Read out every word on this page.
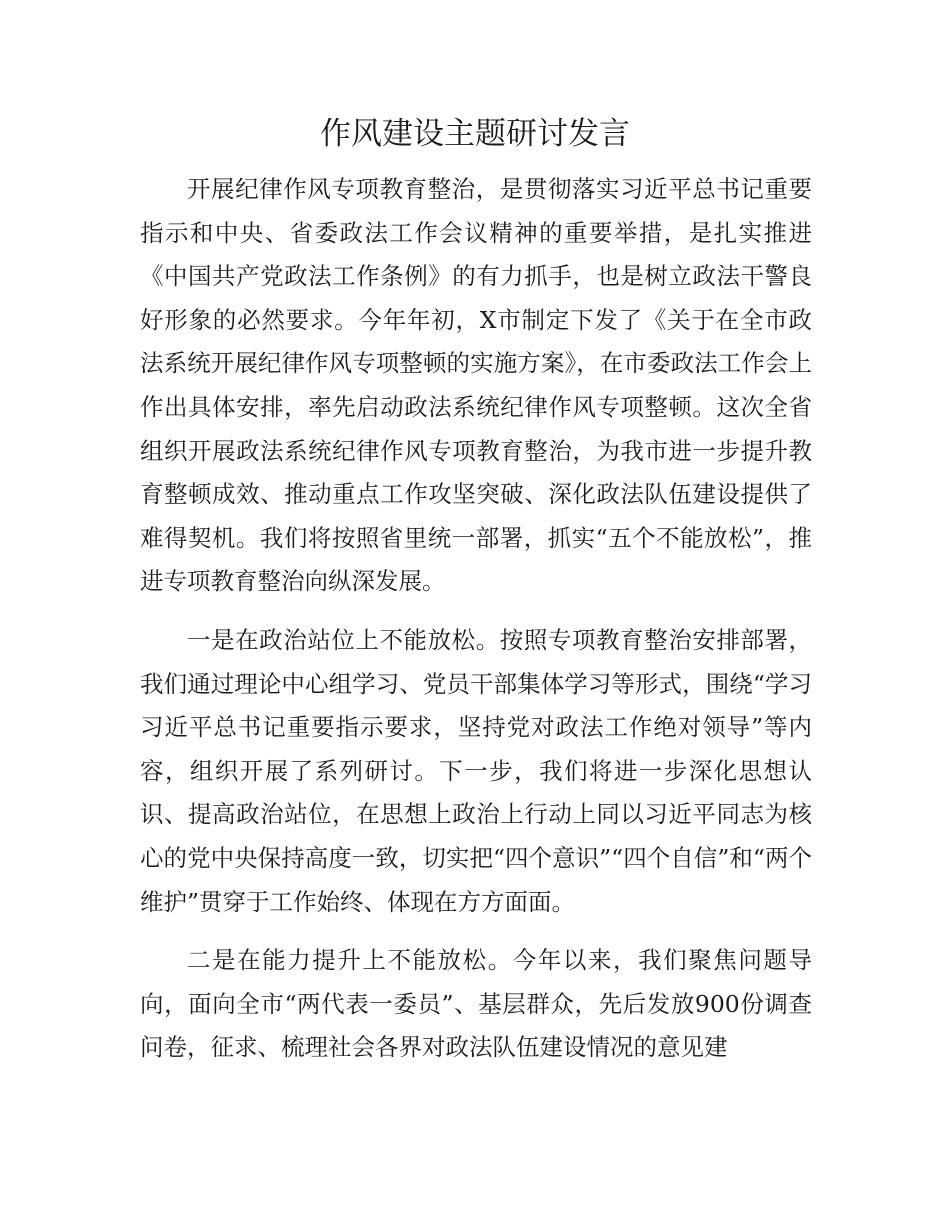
作风建设主题研讨发言

开展纪律作风专项教育整治，是贯彻落实习近平总书记重要指示和中央、省委政法工作会议精神的重要举措，是扎实推进《中国共产党政法工作条例》的有力抓手，也是树立政法干警良好形象的必然要求。今年年初，X市制定下发了《关于在全市政法系统开展纪律作风专项整顿的实施方案》，在市委政法工作会上作出具体安排，率先启动政法系统纪律作风专项整顿。这次全省组织开展政法系统纪律作风专项教育整治，为我市进一步提升教育整顿成效、推动重点工作攻坚突破、深化政法队伍建设提供了难得契机。我们将按照省里统一部署，抓实“五个不能放松”，推进专项教育整治向纵深发展。

一是在政治站位上不能放松。按照专项教育整治安排部署，我们通过理论中心组学习、党员干部集体学习等形式，围绕“学习习近平总书记重要指示要求，坚持党对政法工作绝对领导”等内容，组织开展了系列研讨。下一步，我们将进一步深化思想认识、提高政治站位，在思想上政治上行动上同以习近平同志为核心的党中央保持高度一致，切实把“四个意识”“四个自信”和“两个维护”贯穿于工作始终、体现在方方面面。

二是在能力提升上不能放松。今年以来，我们聚焦问题导向，面向全市“两代表一委员”、基层群众，先后发放900份调查问卷，征求、梳理社会各界对政法队伍建设情况的意见建
